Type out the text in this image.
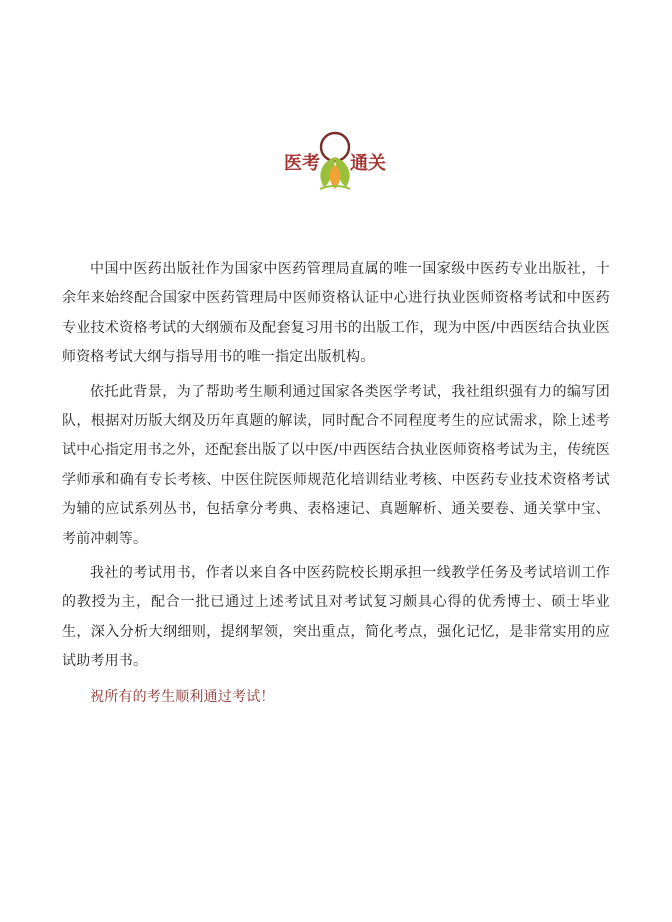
医考 通关

中国中医药出版社作为国家中医药管理局直属的唯一国家级中医药专业出版社，十余年来始终配合国家中医药管理局中医师资格认证中心进行执业医师资格考试和中医药专业技术资格考试的大纲颁布及配套复习用书的出版工作，现为中医/中西医结合执业医师资格考试大纲与指导用书的唯一指定出版机构。

依托此背景，为了帮助考生顺利通过国家各类医学考试，我社组织强有力的编写团队，根据对历版大纲及历年真题的解读，同时配合不同程度考生的应试需求，除上述考试中心指定用书之外，还配套出版了以中医/中西医结合执业医师资格考试为主，传统医学师承和确有专长考核、中医住院医师规范化培训结业考核、中医药专业技术资格考试为辅的应试系列丛书，包括拿分考典、表格速记、真题解析、通关要卷、通关掌中宝、考前冲刺等。

我社的考试用书，作者以来自各中医药院校长期承担一线教学任务及考试培训工作的教授为主，配合一批已通过上述考试且对考试复习颇具心得的优秀博士、硕士毕业生，深入分析大纲细则，提纲挈领，突出重点，简化考点，强化记忆，是非常实用的应试助考用书。

祝所有的考生顺利通过考试！
